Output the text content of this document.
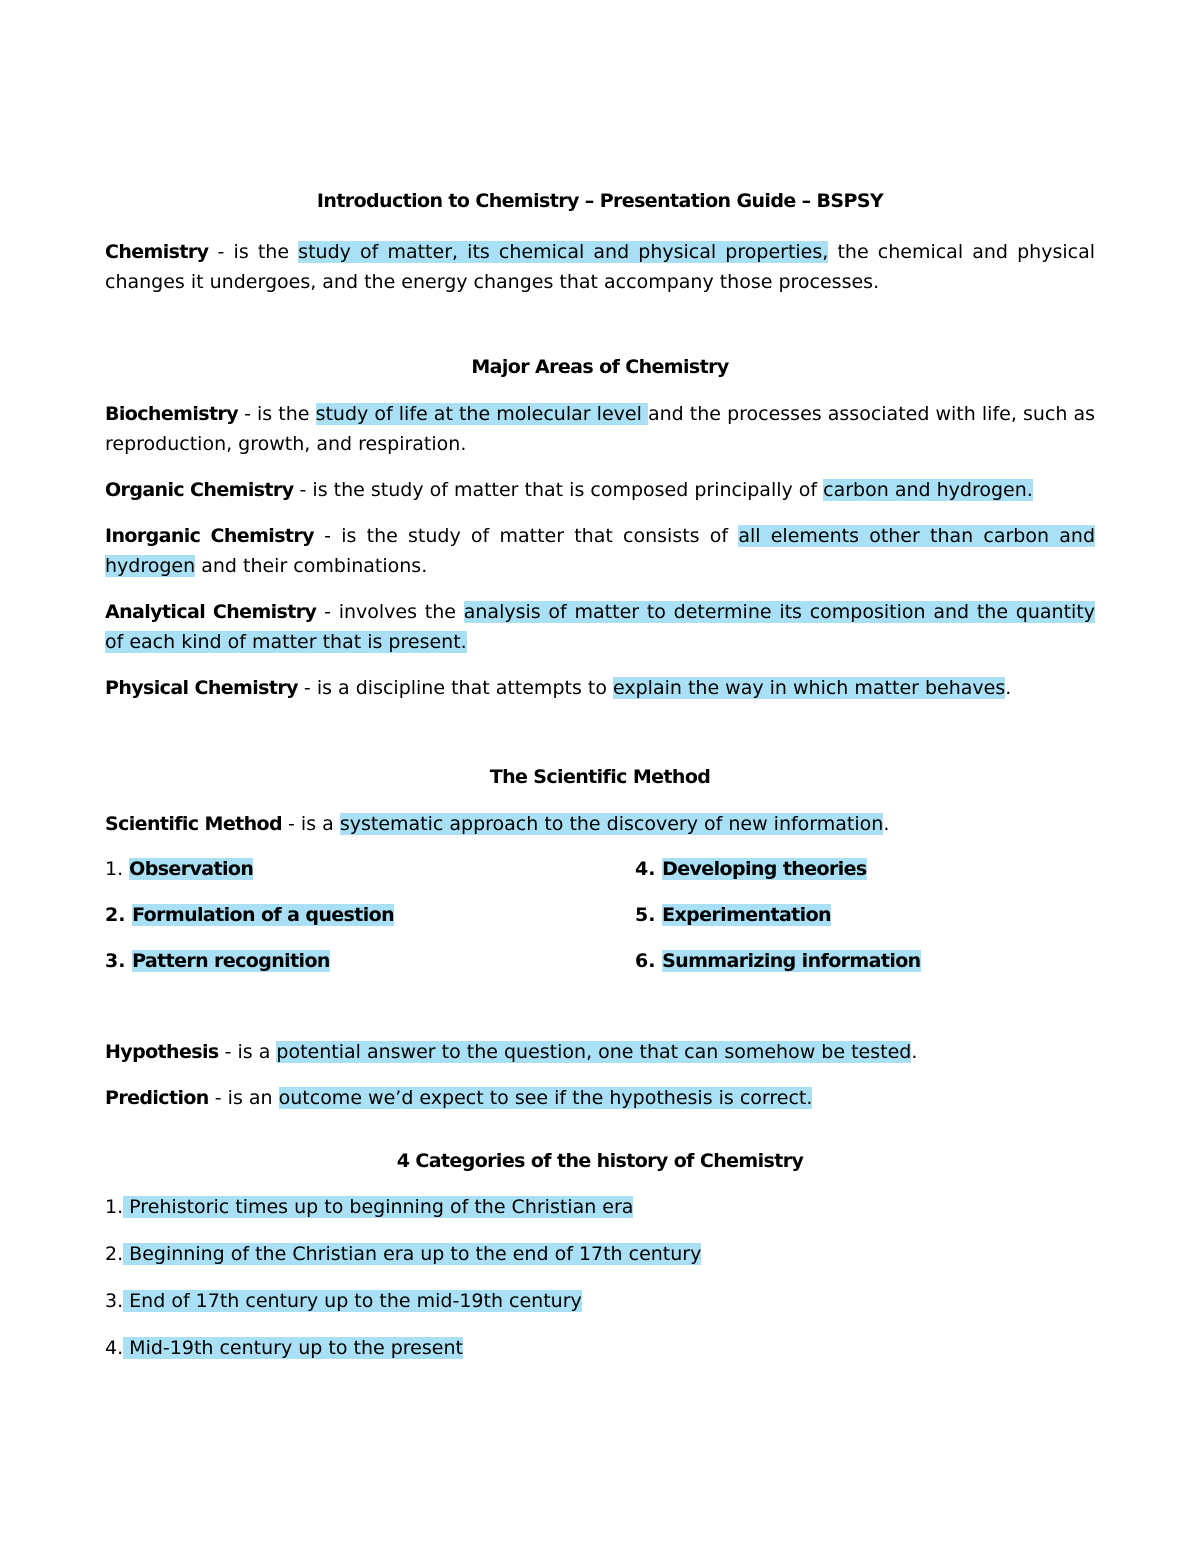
Introduction to Chemistry – Presentation Guide – BSPSY

Chemistry - is the study of matter, its chemical and physical properties, the chemical and physical changes it undergoes, and the energy changes that accompany those processes.

Major Areas of Chemistry

Biochemistry - is the study of life at the molecular level and the processes associated with life, such as reproduction, growth, and respiration.

Organic Chemistry - is the study of matter that is composed principally of carbon and hydrogen.

Inorganic Chemistry - is the study of matter that consists of all elements other than carbon and hydrogen and their combinations.

Analytical Chemistry - involves the analysis of matter to determine its composition and the quantity of each kind of matter that is present.

Physical Chemistry - is a discipline that attempts to explain the way in which matter behaves.

The Scientific Method

Scientific Method - is a systematic approach to the discovery of new information.

1. Observation	4. Developing theories
2. Formulation of a question	5. Experimentation
3. Pattern recognition	6. Summarizing information

Hypothesis - is a potential answer to the question, one that can somehow be tested.

Prediction - is an outcome we’d expect to see if the hypothesis is correct.

4 Categories of the history of Chemistry
1. Prehistoric times up to beginning of the Christian era
2. Beginning of the Christian era up to the end of 17th century
3. End of 17th century up to the mid-19th century
4. Mid-19th century up to the present
